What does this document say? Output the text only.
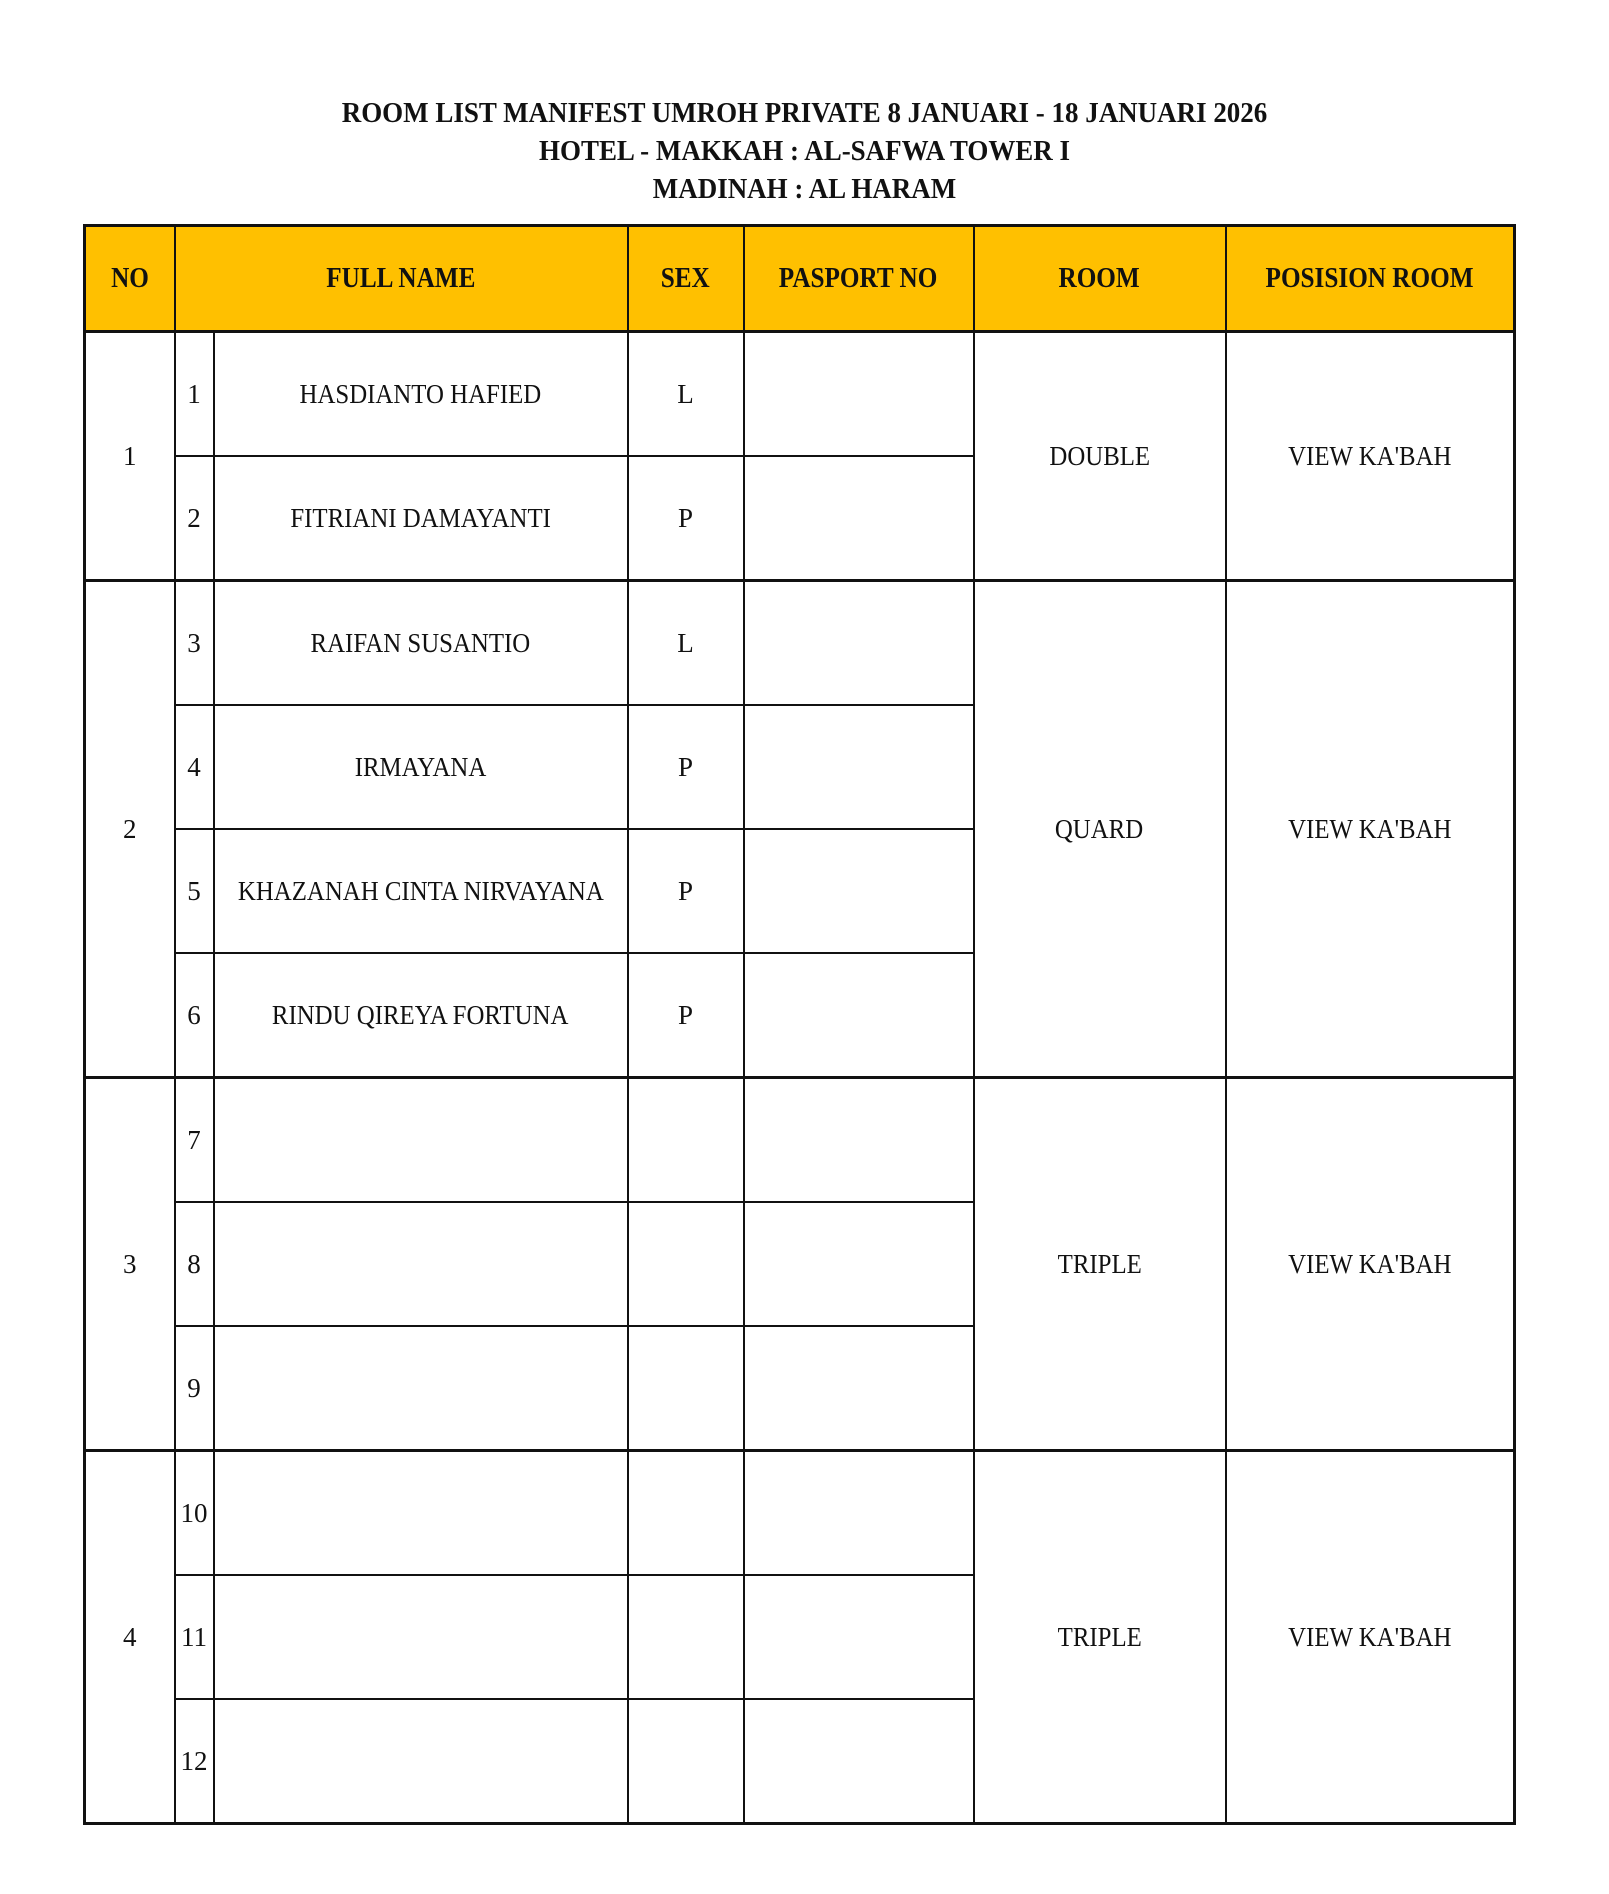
ROOM LIST MANIFEST UMROH PRIVATE 8 JANUARI - 18 JANUARI 2026
HOTEL - MAKKAH : AL-SAFWA TOWER I
MADINAH : AL HARAM
NO	FULL NAME		SEX	PASPORT NO	ROOM	POSISION ROOM
1	1	HASDIANTO HAFIED	L		DOUBLE	VIEW KA'BAH
	2	FITRIANI DAMAYANTI	P			
2	3	RAIFAN SUSANTIO	L		QUARD	VIEW KA'BAH
	4	IRMAYANA	P			
	5	KHAZANAH CINTA NIRVAYANA	P			
	6	RINDU QIREYA FORTUNA	P			
3	7				TRIPLE	VIEW KA'BAH
	8					
	9					
4	10				TRIPLE	VIEW KA'BAH
	11					
	12					
